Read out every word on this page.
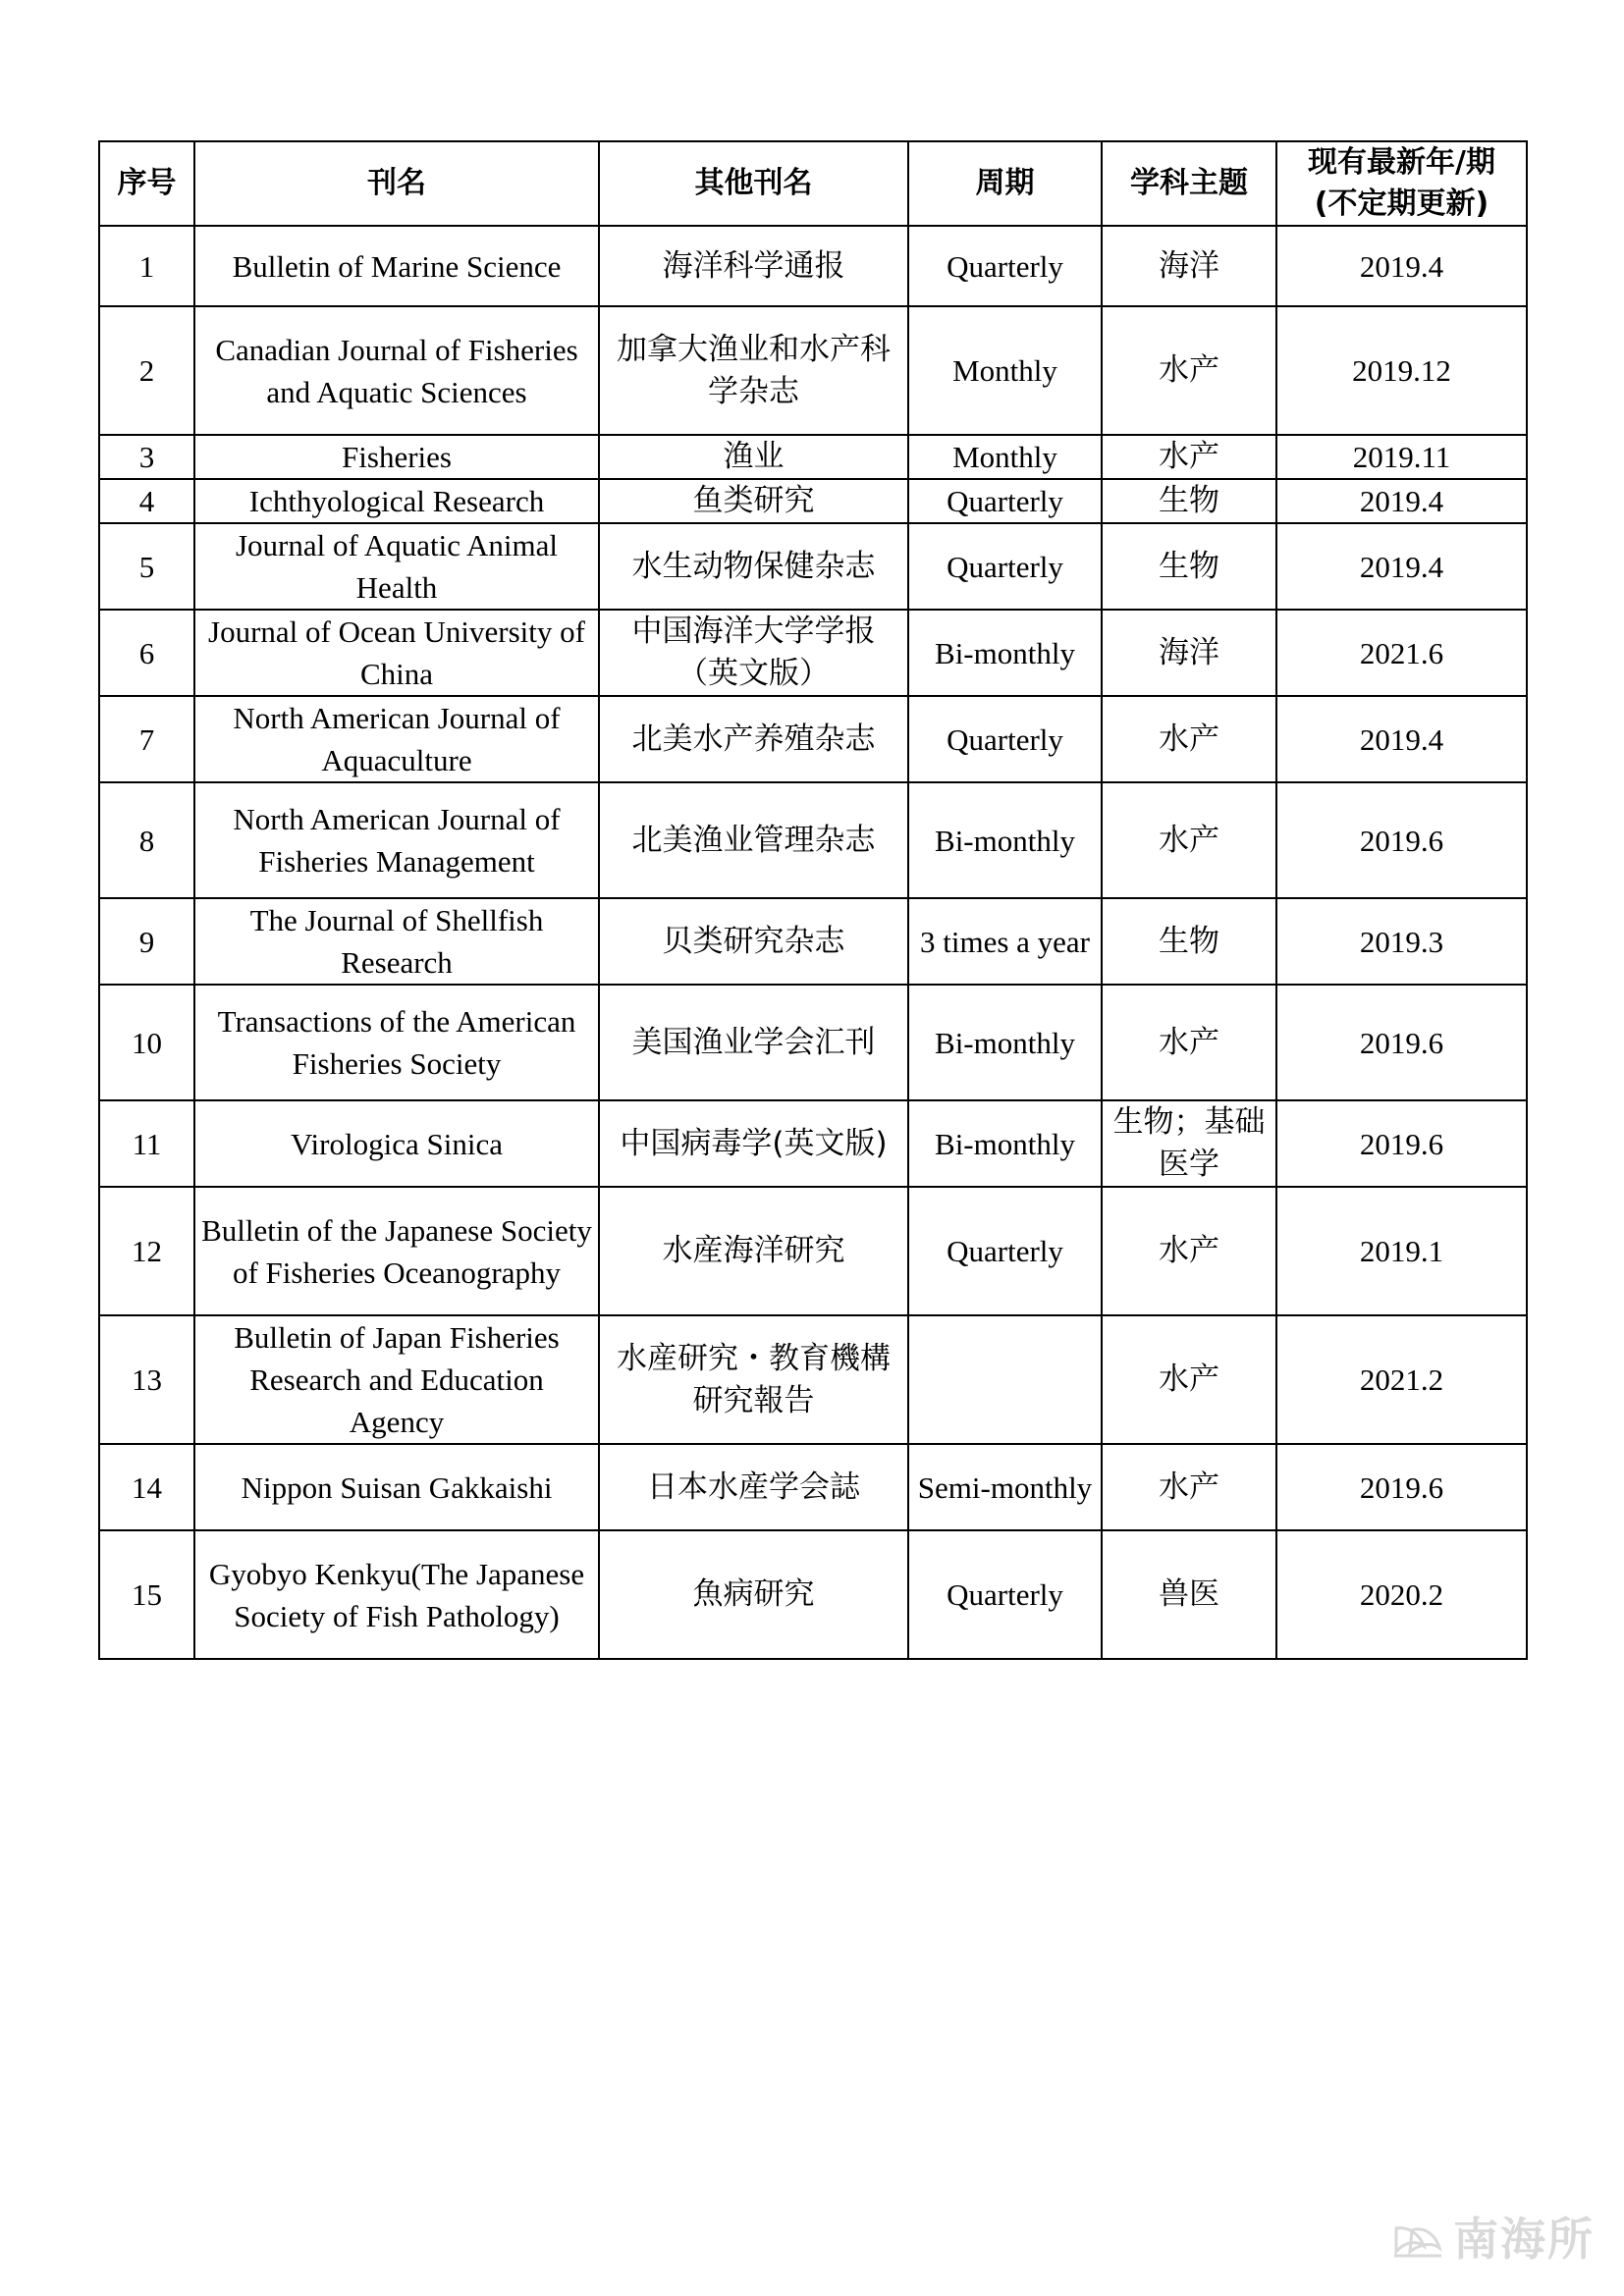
序号	刊名	其他刊名	周期	学科主题	现有最新年/期
(不定期更新)

1	Bulletin of Marine Science	海洋科学通报	Quarterly	海洋	2019.4
2	Canadian Journal of Fisheries and Aquatic Sciences	加拿大渔业和水产科学杂志	Monthly	水产	2019.12
3	Fisheries	渔业	Monthly	水产	2019.11
4	Ichthyological Research	鱼类研究	Quarterly	生物	2019.4
5	Journal of Aquatic Animal Health	水生动物保健杂志	Quarterly	生物	2019.4
6	Journal of Ocean University of China	中国海洋大学学报（英文版）	Bi-monthly	海洋	2021.6
7	North American Journal of Aquaculture	北美水产养殖杂志	Quarterly	水产	2019.4
8	North American Journal of Fisheries Management	北美渔业管理杂志	Bi-monthly	水产	2019.6
9	The Journal of Shellfish Research	贝类研究杂志	3 times a year	生物	2019.3
10	Transactions of the American Fisheries Society	美国渔业学会汇刊	Bi-monthly	水产	2019.6
11	Virologica Sinica	中国病毒学(英文版)	Bi-monthly	生物；基础医学	2019.6
12	Bulletin of the Japanese Society of Fisheries Oceanography	水産海洋研究	Quarterly	水产	2019.1
13	Bulletin of Japan Fisheries Research and Education Agency	水産研究・教育機構研究報告		水产	2021.2
14	Nippon Suisan Gakkaishi	日本水産学会誌	Semi-monthly	水产	2019.6
15	Gyobyo Kenkyu(The Japanese Society of Fish Pathology)	魚病研究	Quarterly	兽医	2020.2
南海所
